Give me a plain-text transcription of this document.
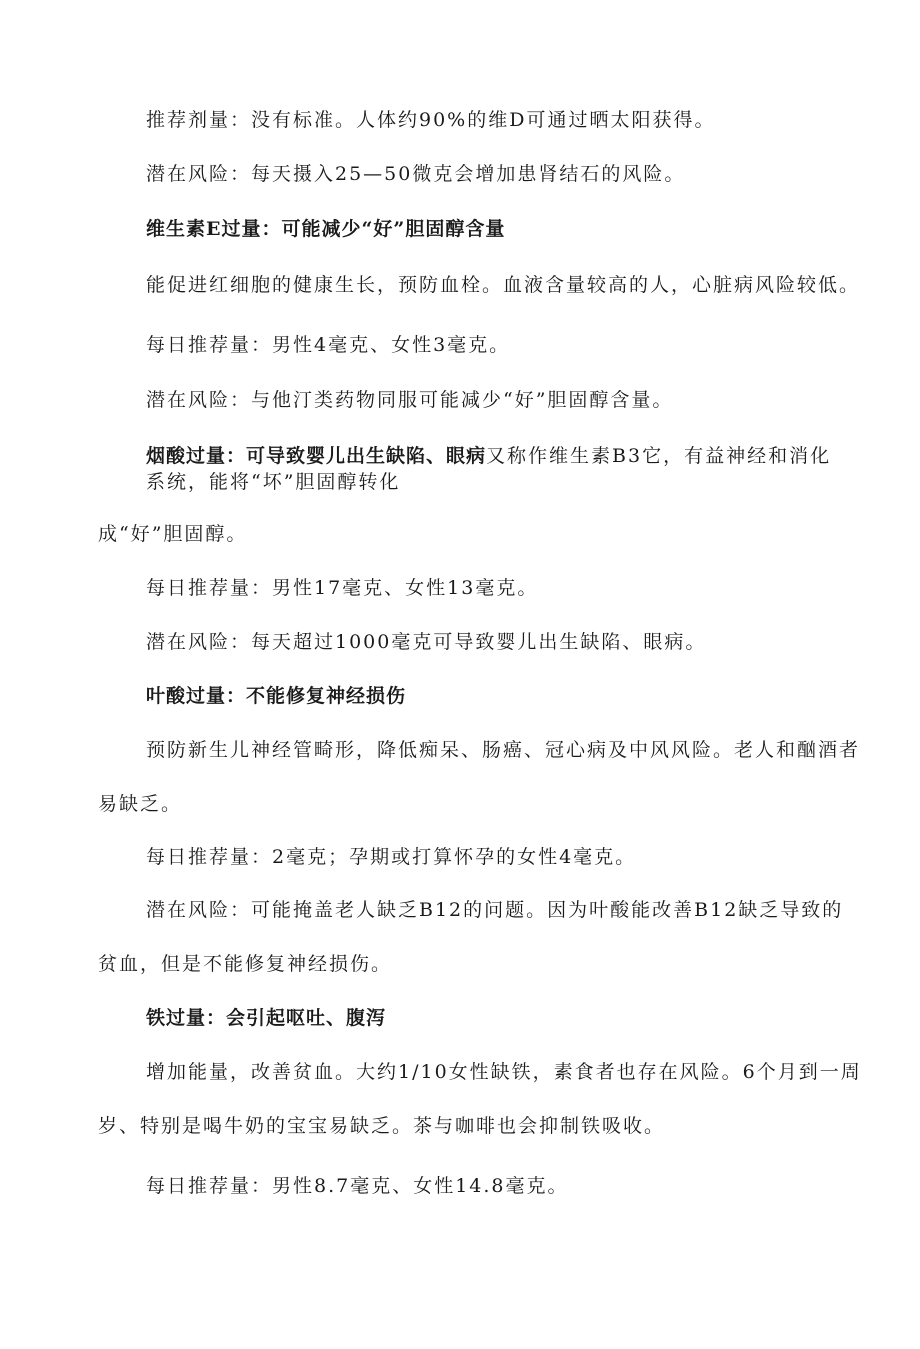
推荐剂量：没有标准。人体约90%的维D可通过晒太阳获得。

潜在风险：每天摄入25—50微克会增加患肾结石的风险。

维生素E过量：可能减少“好”胆固醇含量

能促进红细胞的健康生长，预防血栓。血液含量较高的人，心脏病风险较低。

每日推荐量：男性4毫克、女性3毫克。

潜在风险：与他汀类药物同服可能减少“好”胆固醇含量。

烟酸过量：可导致婴儿出生缺陷、眼病又称作维生素B3它，有益神经和消化

系统，能将“坏”胆固醇转化

成“好”胆固醇。

每日推荐量：男性17毫克、女性13毫克。

潜在风险：每天超过1000毫克可导致婴儿出生缺陷、眼病。

叶酸过量：不能修复神经损伤

预防新生儿神经管畸形，降低痴呆、肠癌、冠心病及中风风险。老人和酗酒者

易缺乏。

每日推荐量：2毫克；孕期或打算怀孕的女性4毫克。

潜在风险：可能掩盖老人缺乏B12的问题。因为叶酸能改善B12缺乏导致的

贫血，但是不能修复神经损伤。

铁过量：会引起呕吐、腹泻

增加能量，改善贫血。大约1/10女性缺铁，素食者也存在风险。6个月到一周

岁、特别是喝牛奶的宝宝易缺乏。茶与咖啡也会抑制铁吸收。

每日推荐量：男性8.7毫克、女性14.8毫克。
